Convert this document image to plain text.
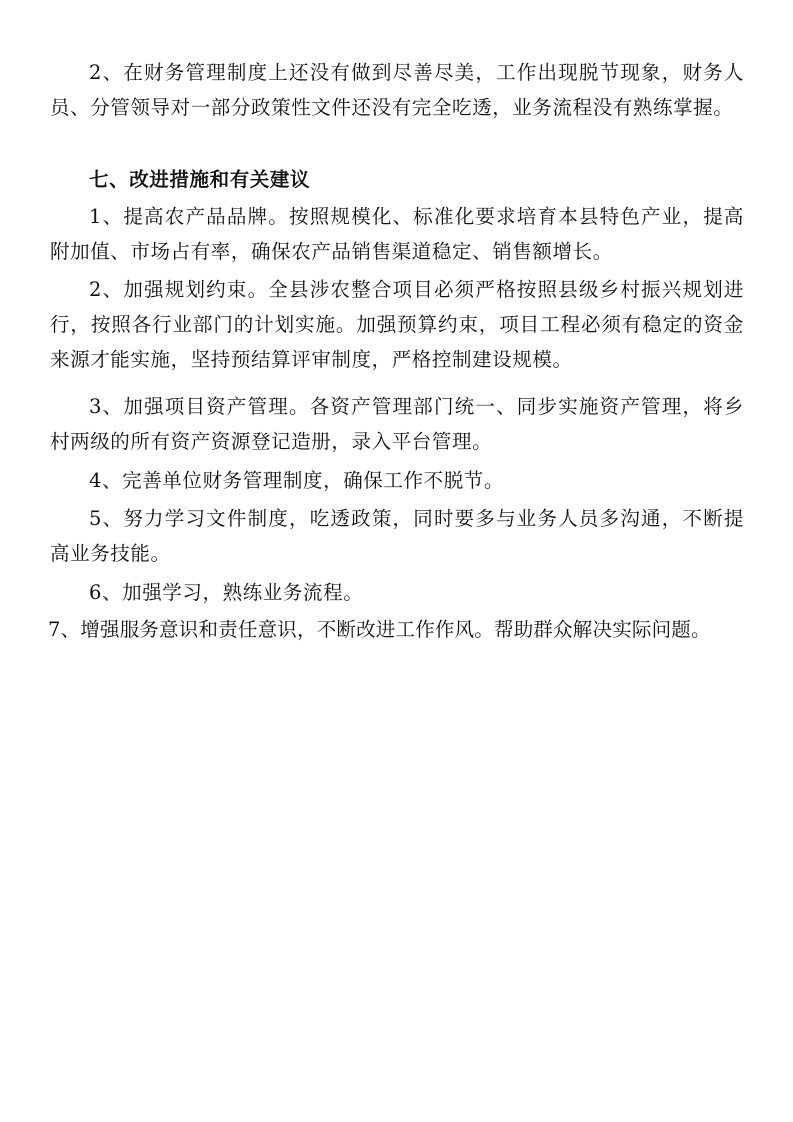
2、在财务管理制度上还没有做到尽善尽美，工作出现脱节现象，财务人员、分管领导对一部分政策性文件还没有完全吃透，业务流程没有熟练掌握。

七、改进措施和有关建议

1、提高农产品品牌。按照规模化、标准化要求培育本县特色产业，提高附加值、市场占有率，确保农产品销售渠道稳定、销售额增长。

2、加强规划约束。全县涉农整合项目必须严格按照县级乡村振兴规划进行，按照各行业部门的计划实施。加强预算约束，项目工程必须有稳定的资金来源才能实施，坚持预结算评审制度，严格控制建设规模。

3、加强项目资产管理。各资产管理部门统一、同步实施资产管理，将乡村两级的所有资产资源登记造册，录入平台管理。

4、完善单位财务管理制度，确保工作不脱节。

5、努力学习文件制度，吃透政策，同时要多与业务人员多沟通，不断提高业务技能。

6、加强学习，熟练业务流程。

7、增强服务意识和责任意识，不断改进工作作风。帮助群众解决实际问题。
